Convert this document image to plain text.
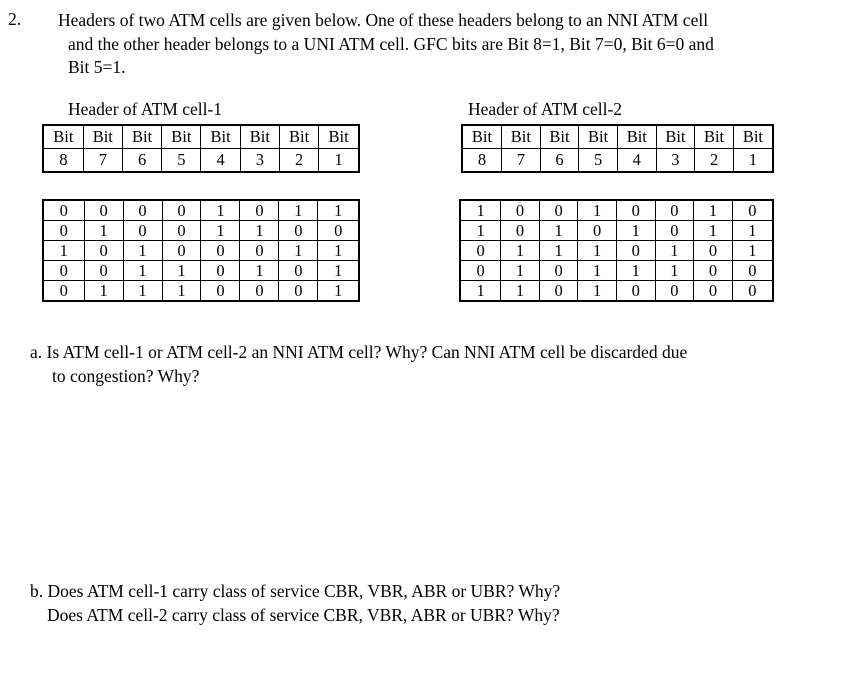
2. Headers of two ATM cells are given below. One of these headers belong to an NNI ATM cell
and the other header belongs to a UNI ATM cell. GFC bits are Bit 8=1, Bit 7=0, Bit 6=0 and
Bit 5=1.
Header of ATM cell-1
Bit	Bit	Bit	Bit	Bit	Bit	Bit	Bit
8	7	6	5	4	3	2	1
0	0	0	0	1	0	1	1
0	1	0	0	1	1	0	0
1	0	1	0	0	0	1	1
0	0	1	1	0	1	0	1
0	1	1	1	0	0	0	1
Header of ATM cell-2
Bit	Bit	Bit	Bit	Bit	Bit	Bit	Bit
8	7	6	5	4	3	2	1
1	0	0	1	0	0	1	0
1	0	1	0	1	0	1	1
0	1	1	1	0	1	0	1
0	1	0	1	1	1	0	0
1	1	0	1	0	0	0	0
a. Is ATM cell-1 or ATM cell-2 an NNI ATM cell? Why? Can NNI ATM cell be discarded due
to congestion? Why?
b. Does ATM cell-1 carry class of service CBR, VBR, ABR or UBR? Why?
Does ATM cell-2 carry class of service CBR, VBR, ABR or UBR? Why?
